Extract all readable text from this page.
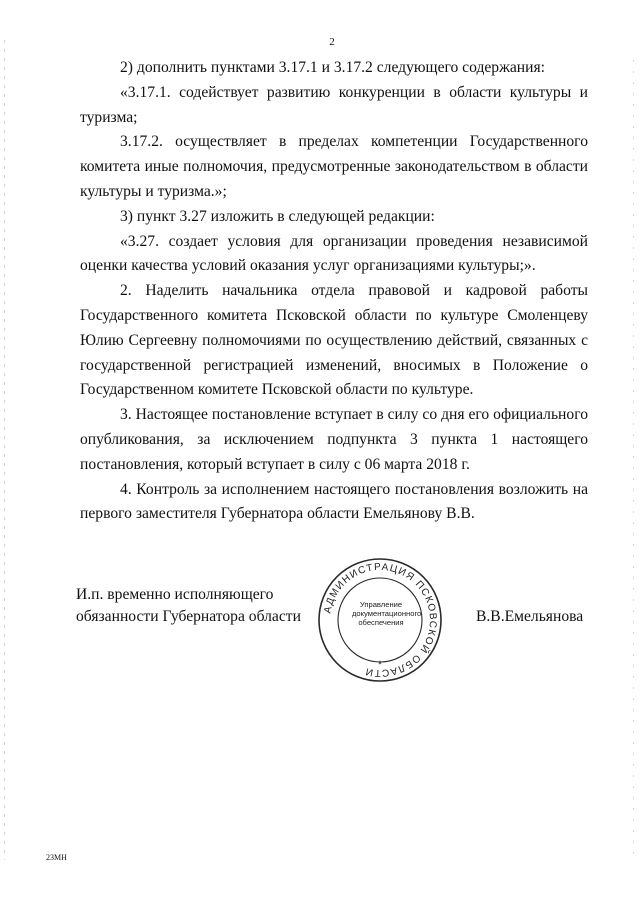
2

2) дополнить пунктами 3.17.1 и 3.17.2 следующего содержания:

«3.17.1. содействует развитию конкуренции в области культуры и туризма;

3.17.2. осуществляет в пределах компетенции Государственного комитета иные полномочия, предусмотренные законодательством в области культуры и туризма.»;

3) пункт 3.27 изложить в следующей редакции:

«3.27. создает условия для организации проведения независимой оценки качества условий оказания услуг организациями культуры;».

2. Наделить начальника отдела правовой и кадровой работы Государственного комитета Псковской области по культуре Смоленцеву Юлию Сергеевну полномочиями по осуществлению действий, связанных с государственной регистрацией изменений, вносимых в Положение о Государственном комитете Псковской области по культуре.

3. Настоящее постановление вступает в силу со дня его официального опубликования, за исключением подпункта 3 пункта 1 настоящего постановления, который вступает в силу с 06 марта 2018 г.

4. Контроль за исполнением настоящего постановления возложить на первого заместителя Губернатора области Емельянову В.В.

И.п. временно исполняющего
обязанности Губернатора области АДМИНИСТРАЦИЯ ПСКОВСКОЙ ОБЛАСТИ
*
Управление
документационного
обеспечения	В.В.Емельянова
23МН
